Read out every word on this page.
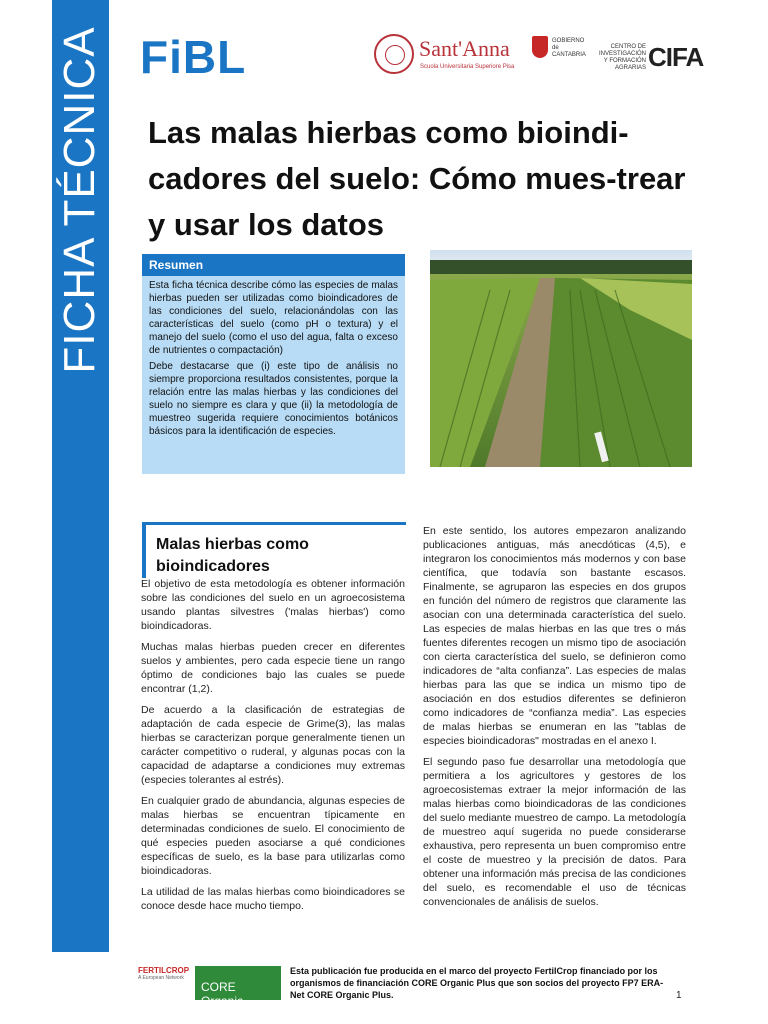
FICHA TÉCNICA FiBL	Sant'Anna
Scuola Universitaria Superiore Pisa
GOBIERNO de CANTABRIA
CENTRO DE INVESTIGACIÓN Y FORMACIÓN AGRARIAS CIFA
Las malas hierbas como bioindi-cadores del suelo: Cómo mues-trear y usar los datos
Resumen

Esta ficha técnica describe cómo las especies de malas hierbas pueden ser utilizadas como bioindicadores de las condiciones del suelo, relacionándolas con las características del suelo (como pH o textura) y el manejo del suelo (como el uso del agua, falta o exceso de nutrientes o compactación)

Debe destacarse que (i) este tipo de análisis no siempre proporciona resultados consistentes, porque la relación entre las malas hierbas y las condiciones del suelo no siempre es clara y que (ii) la metodología de muestreo sugerida requiere conocimientos botánicos básicos para la identificación de especies.

Malas hierbas como bioindicadores

El objetivo de esta metodología es obtener información sobre las condiciones del suelo en un agroecosistema usando plantas silvestres ('malas hierbas') como bioindicadoras.

Muchas malas hierbas pueden crecer en diferentes suelos y ambientes, pero cada especie tiene un rango óptimo de condiciones bajo las cuales se puede encontrar (1,2).

De acuerdo a la clasificación de estrategias de adaptación de cada especie de Grime(3), las malas hierbas se caracterizan porque generalmente tienen un carácter competitivo o ruderal, y algunas pocas con la capacidad de adaptarse a condiciones muy extremas (especies tolerantes al estrés).

En cualquier grado de abundancia, algunas especies de malas hierbas se encuentran típicamente en determinadas condiciones de suelo. El conocimiento de qué especies pueden asociarse a qué condiciones específicas de suelo, es la base para utilizarlas como bioindicadoras.

La utilidad de las malas hierbas como bioindicadores se conoce desde hace mucho tiempo.

En este sentido, los autores empezaron analizando publicaciones antiguas, más anecdóticas (4,5), e integraron los conocimientos más modernos y con base científica, que todavía son bastante escasos. Finalmente, se agruparon las especies en dos grupos en función del número de registros que claramente las asocian con una determinada característica del suelo. Las especies de malas hierbas en las que tres o más fuentes diferentes recogen un mismo tipo de asociación con cierta característica del suelo, se definieron como indicadores de “alta confianza”. Las especies de malas hierbas para las que se indica un mismo tipo de asociación en dos estudios diferentes se definieron como indicadores de “confianza media”. Las especies de malas hierbas se enumeran en las "tablas de especies bioindicadoras" mostradas en el anexo I.

El segundo paso fue desarrollar una metodología que permitiera a los agricultores y gestores de los agroecosistemas extraer la mejor información de las malas hierbas como bioindicadoras de las condiciones del suelo mediante muestreo de campo. La metodología de muestreo aquí sugerida no puede considerarse exhaustiva, pero representa un buen compromiso entre el coste de muestreo y la precisión de datos. Para obtener una información más precisa de las condiciones del suelo, es recomendable el uso de técnicas convencionales de análisis de suelos.

FERTILCROP
A European Network
CORE Organic
Esta publicación fue producida en el marco del proyecto FertilCrop financiado por los organismos de financiación CORE Organic Plus que son socios del proyecto FP7 ERA-Net CORE Organic Plus.	1
